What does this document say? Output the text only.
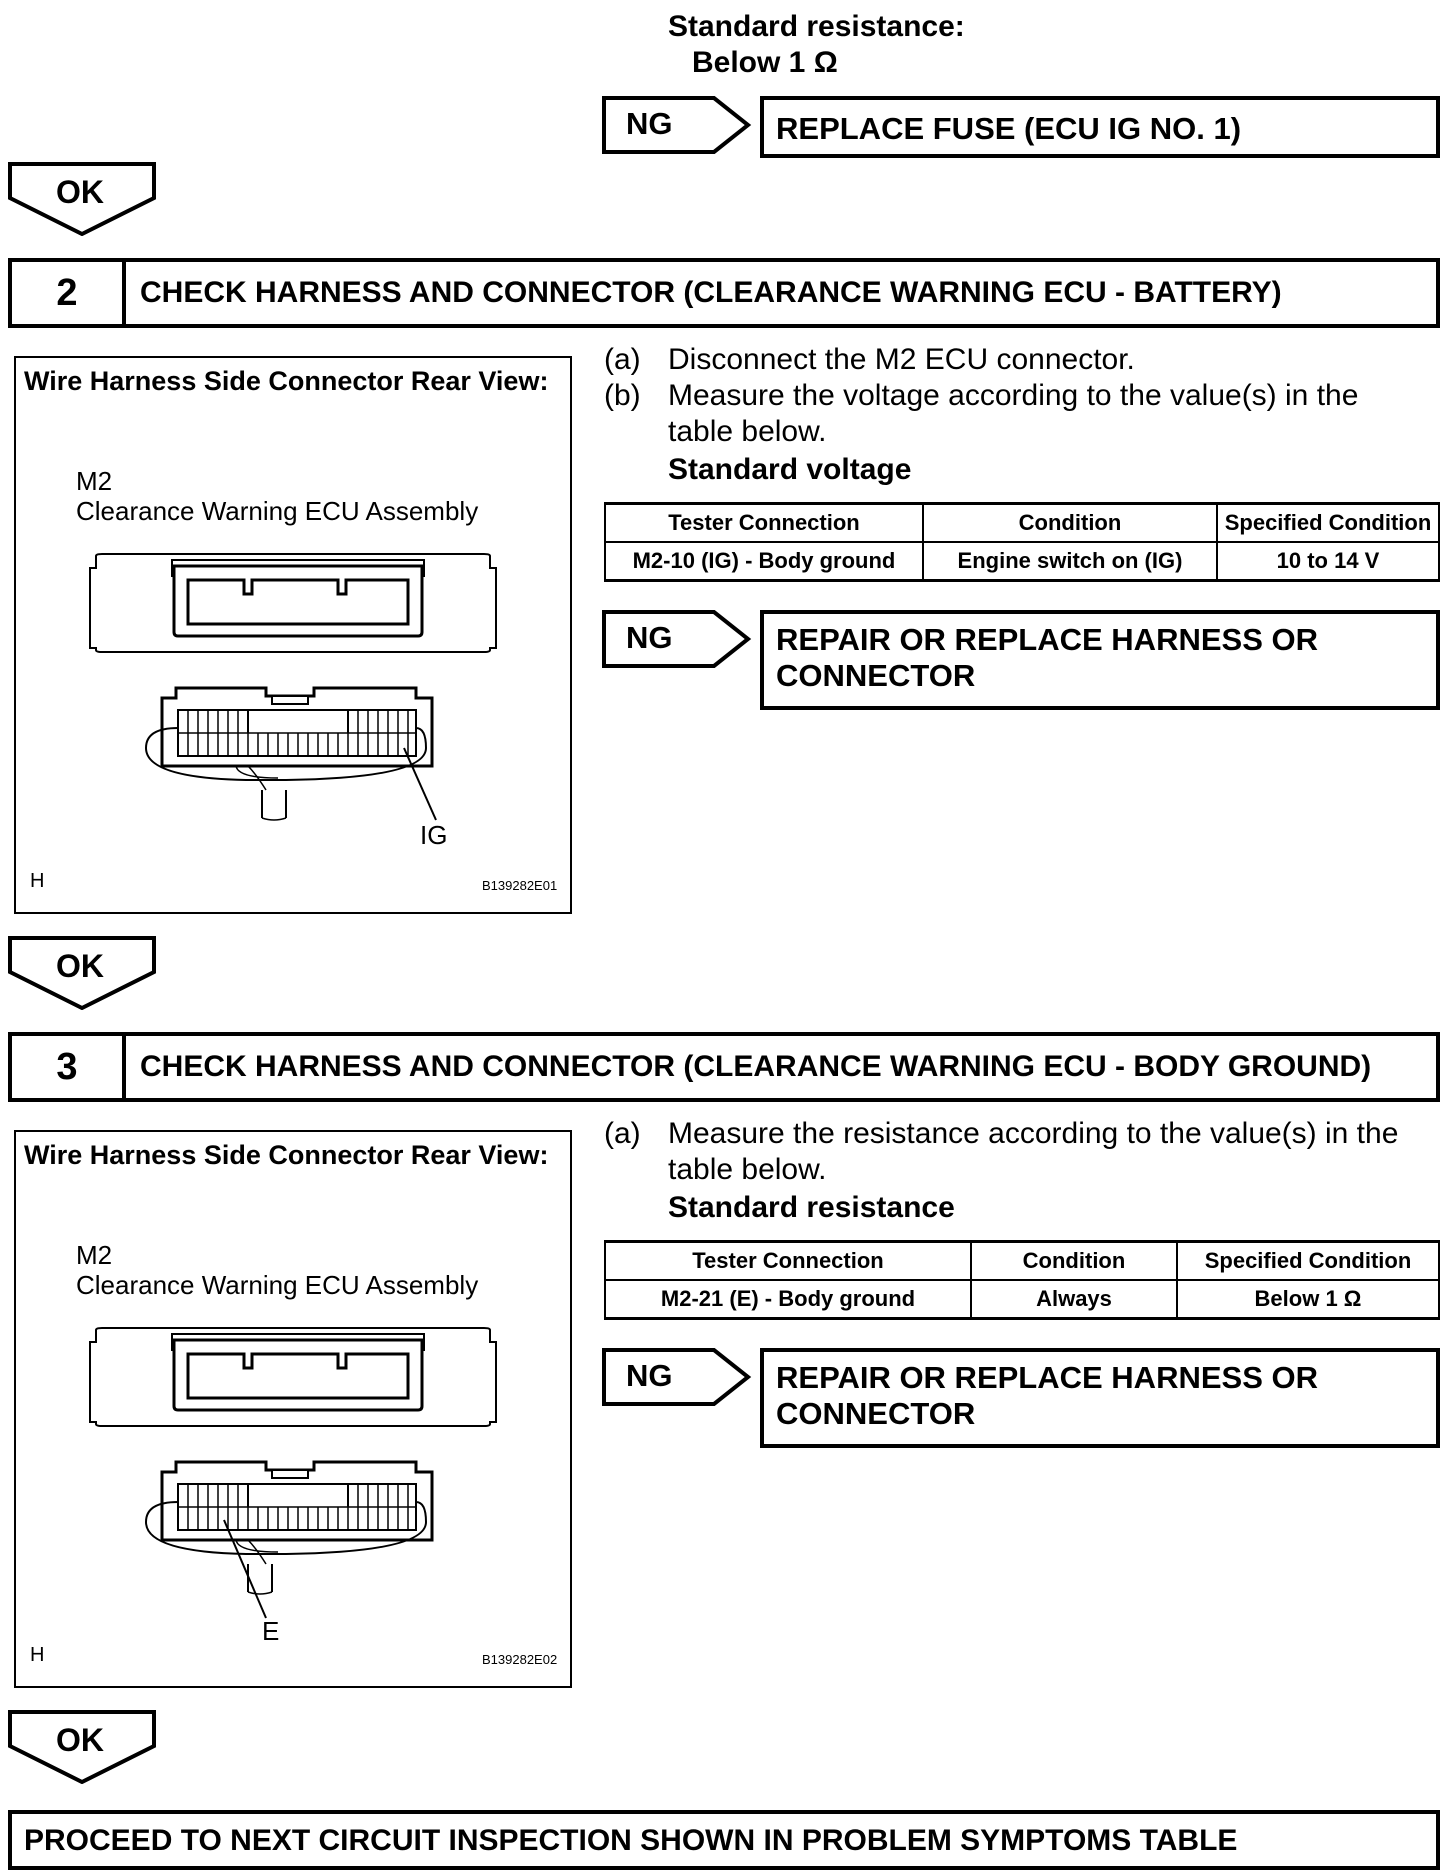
Standard resistance:
Below 1 Ω
NG	REPLACE FUSE (ECU IG NO. 1)
OK
2	CHECK HARNESS AND CONNECTOR (CLEARANCE WARNING ECU - BATTERY)
Wire Harness Side Connector Rear View:
M2
Clearance Warning ECU Assembly
IG
H	B139282E01
(a) Disconnect the M2 ECU connector.
(b) Measure the voltage according to the value(s) in the
table below.
Standard voltage
Tester Connection	Condition	Specified Condition
M2-10 (IG) - Body ground	Engine switch on (IG)	10 to 14 V
NG	REPAIR OR REPLACE HARNESS OR
CONNECTOR
OK
3	CHECK HARNESS AND CONNECTOR (CLEARANCE WARNING ECU - BODY GROUND)
Wire Harness Side Connector Rear View:
M2
Clearance Warning ECU Assembly
E
H	B139282E02
(a) Measure the resistance according to the value(s) in the
table below.
Standard resistance
Tester Connection	Condition	Specified Condition
M2-21 (E) - Body ground	Always	Below 1 Ω
NG	REPAIR OR REPLACE HARNESS OR
CONNECTOR
OK
PROCEED TO NEXT CIRCUIT INSPECTION SHOWN IN PROBLEM SYMPTOMS TABLE
